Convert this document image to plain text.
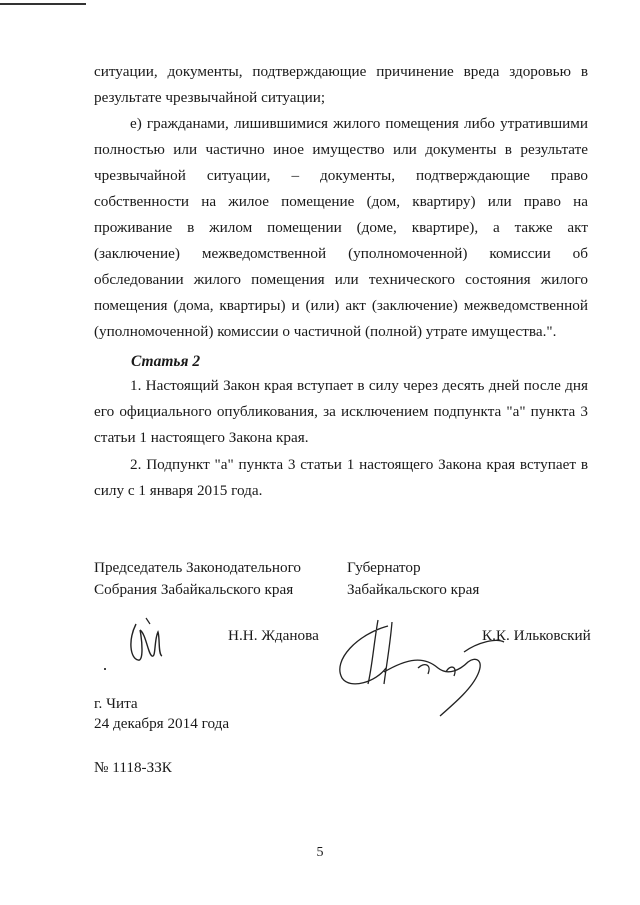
ситуации, документы, подтверждающие причинение вреда здоровью в результате чрезвычайной ситуации;
е) гражданами, лишившимися жилого помещения либо утратившими полностью или частично иное имущество или документы в результате чрезвычайной ситуации, – документы, подтверждающие право собственности на жилое помещение (дом, квартиру) или право на проживание в жилом помещении (доме, квартире), а также акт (заключение) межведомственной (уполномоченной) комиссии об обследовании жилого помещения или технического состояния жилого помещения (дома, квартиры) и (или) акт (заключение) межведомственной (уполномоченной) комиссии о частичной (полной) утрате имущества.".
Статья 2
1. Настоящий Закон края вступает в силу через десять дней после дня его официального опубликования, за исключением подпункта "а" пункта 3 статьи 1 настоящего Закона края.
2. Подпункт "а" пункта 3 статьи 1 настоящего Закона края вступает в силу с 1 января 2015 года.
Председатель Законодательного
Собрания Забайкальского края
Губернатор
Забайкальского края
Н.Н. Жданова	К.К. Ильковский
г. Чита
24 декабря 2014 года
№ 1118-ЗЗК
5
